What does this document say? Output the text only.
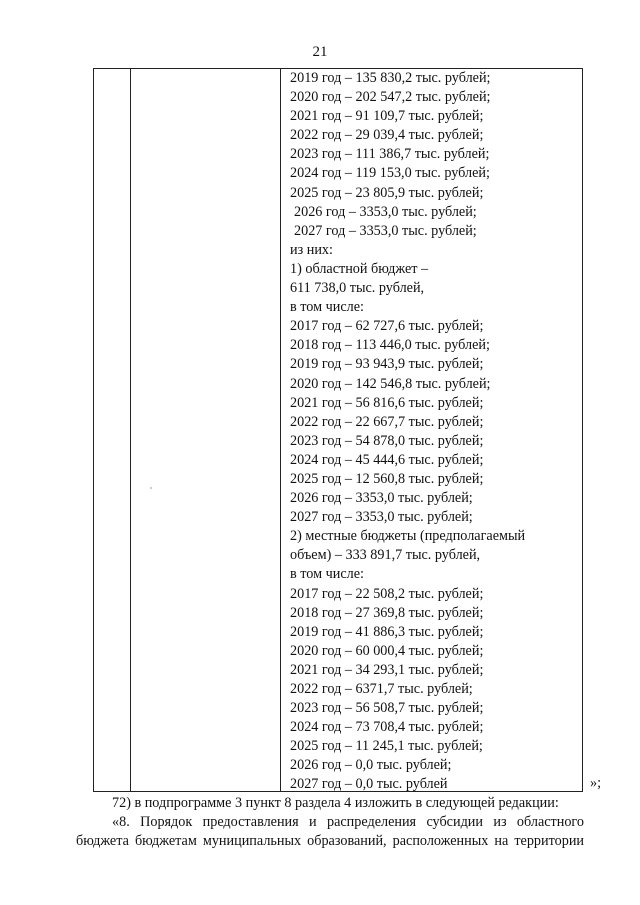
21
2019 год – 135 830,2 тыс. рублей;
2020 год – 202 547,2 тыс. рублей;
2021 год – 91 109,7 тыс. рублей;
2022 год – 29 039,4 тыс. рублей;
2023 год – 111 386,7 тыс. рублей;
2024 год – 119 153,0 тыс. рублей;
2025 год – 23 805,9 тыс. рублей;
2026 год – 3353,0 тыс. рублей;
2027 год – 3353,0 тыс. рублей;
из них:
1) областной бюджет –
611 738,0 тыс. рублей,
в том числе:
2017 год – 62 727,6 тыс. рублей;
2018 год – 113 446,0 тыс. рублей;
2019 год – 93 943,9 тыс. рублей;
2020 год – 142 546,8 тыс. рублей;
2021 год – 56 816,6 тыс. рублей;
2022 год – 22 667,7 тыс. рублей;
2023 год – 54 878,0 тыс. рублей;
2024 год – 45 444,6 тыс. рублей;
2025 год – 12 560,8 тыс. рублей;
2026 год – 3353,0 тыс. рублей;
2027 год – 3353,0 тыс. рублей;
2) местные бюджеты (предполагаемый
объем) – 333 891,7 тыс. рублей,
в том числе:
2017 год – 22 508,2 тыс. рублей;
2018 год – 27 369,8 тыс. рублей;
2019 год – 41 886,3 тыс. рублей;
2020 год – 60 000,4 тыс. рублей;
2021 год – 34 293,1 тыс. рублей;
2022 год – 6371,7 тыс. рублей;
2023 год – 56 508,7 тыс. рублей;
2024 год – 73 708,4 тыс. рублей;
2025 год – 11 245,1 тыс. рублей;
2026 год – 0,0 тыс. рублей;
2027 год – 0,0 тыс. рублей	»;
72) в подпрограмме 3 пункт 8 раздела 4 изложить в следующей редакции:
«8. Порядок предоставления и распределения субсидии из областного
бюджета бюджетам муниципальных образований, расположенных на территории
